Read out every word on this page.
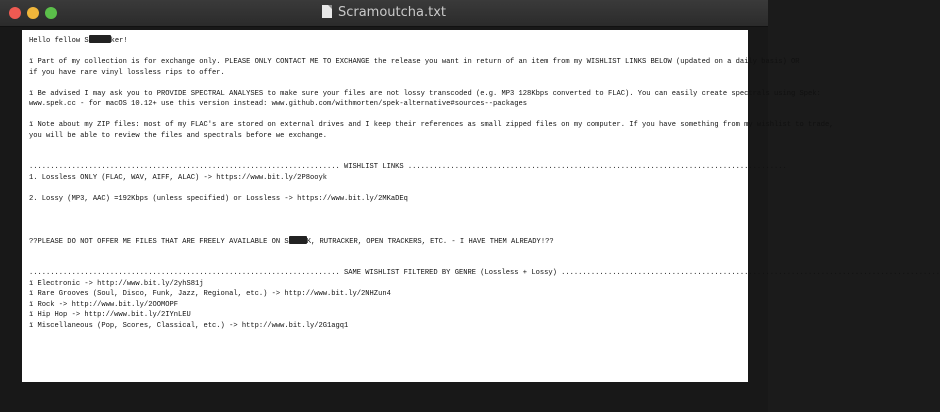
Scramoutcha.txt
Hello fellow S	ker!
ï Part of my collection is for exchange only. PLEASE ONLY CONTACT ME TO EXCHANGE the release you want in return of an item from my WISHLIST LINKS BELOW (updated on a daily basis) OR
if you have rare vinyl lossless rips to offer.
ï Be advised I may ask you to PROVIDE SPECTRAL ANALYSES to make sure your files are not lossy transcoded (e.g. MP3 128Kbps converted to FLAC). You can easily create spectrals using Spek:
www.spek.cc - for macOS 10.12+ use this version instead: www.github.com/withmorten/spek-alternative#sources--packages
ï Note about my ZIP files: most of my FLAC's are stored on external drives and I keep their references as small zipped files on my computer. If you have something from my wishlist to trade,
you will be able to review the files and spectrals before we exchange.
......................................................................... WISHLIST LINKS .........................................................................................
1. Lossless ONLY (FLAC, WAV, AIFF, ALAC) -> https://www.bit.ly/2P8ooyk
2. Lossy (MP3, AAC) =192Kbps (unless specified) or Lossless -> https://www.bit.ly/2MKaDEq
??PLEASE DO NOT OFFER ME FILES THAT ARE FREELY AVAILABLE ON S	K, RUTRACKER, OPEN TRACKERS, ETC. - I HAVE THEM ALREADY!??
......................................................................... SAME WISHLIST FILTERED BY GENRE (Lossless + Lossy) .........................................................................................
ï Electronic -> http://www.bit.ly/2yhS81j
ï Rare Grooves (Soul, Disco, Funk, Jazz, Regional, etc.) -> http://www.bit.ly/2NHZun4
ï Rock -> http://www.bit.ly/2OOMOPF
ï Hip Hop -> http://www.bit.ly/2IYnLEU
ï Miscellaneous (Pop, Scores, Classical, etc.) -> http://www.bit.ly/2G1agq1
